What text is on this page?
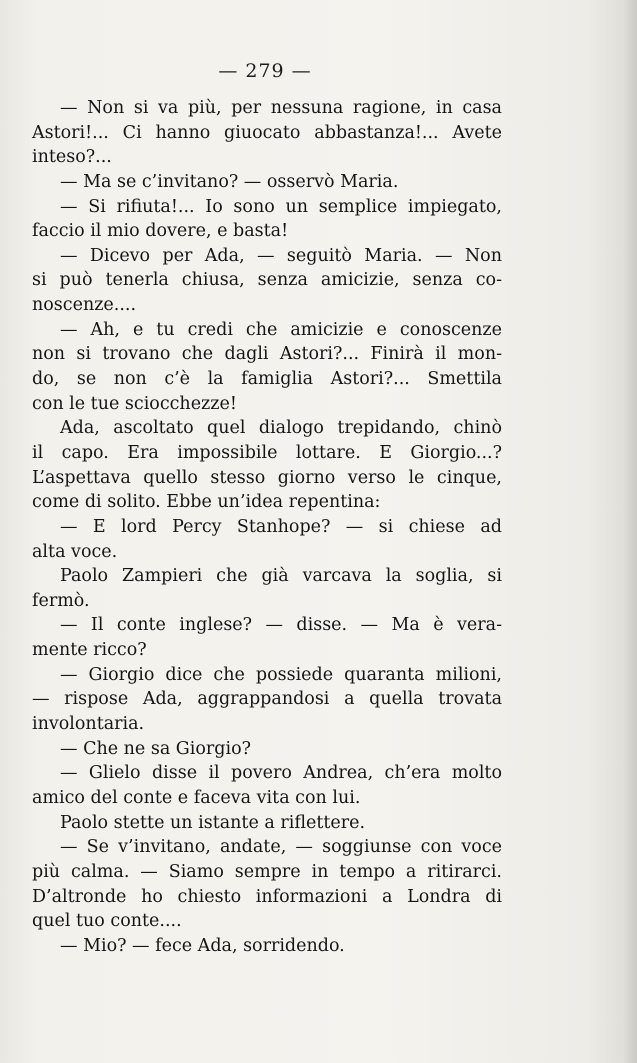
— 279 —
— Non si va più, per nessuna ragione, in casa
Astori!... Ci hanno giuocato abbastanza!... Avete
inteso?...
— Ma se c’invitano? — osservò Maria.
— Si rifiuta!... Io sono un semplice impiegato,
faccio il mio dovere, e basta!
— Dicevo per Ada, — seguitò Maria. — Non
si può tenerla chiusa, senza amicizie, senza co-
noscenze....
— Ah, e tu credi che amicizie e conoscenze
non si trovano che dagli Astori?... Finirà il mon-
do, se non c’è la famiglia Astori?... Smettila
con le tue sciocchezze!
Ada, ascoltato quel dialogo trepidando, chinò
il capo. Era impossibile lottare. E Giorgio...?
L’aspettava quello stesso giorno verso le cinque,
come di solito. Ebbe un’idea repentina:
— E lord Percy Stanhope? — si chiese ad
alta voce.
Paolo Zampieri che già varcava la soglia, si
fermò.
— Il conte inglese? — disse. — Ma è vera-
mente ricco?
— Giorgio dice che possiede quaranta milioni,
— rispose Ada, aggrappandosi a quella trovata
involontaria.
— Che ne sa Giorgio?
— Glielo disse il povero Andrea, ch’era molto
amico del conte e faceva vita con lui.
Paolo stette un istante a riflettere.
— Se v’invitano, andate, — soggiunse con voce
più calma. — Siamo sempre in tempo a ritirarci.
D’altronde ho chiesto informazioni a Londra di
quel tuo conte....
— Mio? — fece Ada, sorridendo.
